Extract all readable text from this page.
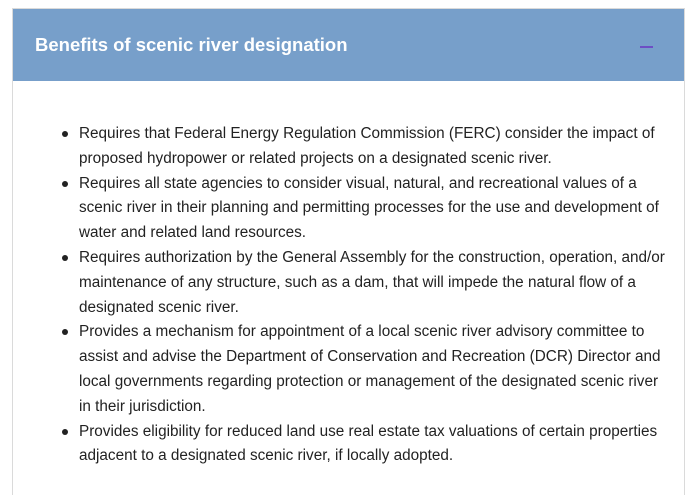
Benefits of scenic river designation
Requires that Federal Energy Regulation Commission (FERC) consider the impact of proposed hydropower or related projects on a designated scenic river.
Requires all state agencies to consider visual, natural, and recreational values of a scenic river in their planning and permitting processes for the use and development of water and related land resources.
Requires authorization by the General Assembly for the construction, operation, and/or maintenance of any structure, such as a dam, that will impede the natural flow of a designated scenic river.
Provides a mechanism for appointment of a local scenic river advisory committee to assist and advise the Department of Conservation and Recreation (DCR) Director and local governments regarding protection or management of the designated scenic river in their jurisdiction.
Provides eligibility for reduced land use real estate tax valuations of certain properties adjacent to a designated scenic river, if locally adopted.
